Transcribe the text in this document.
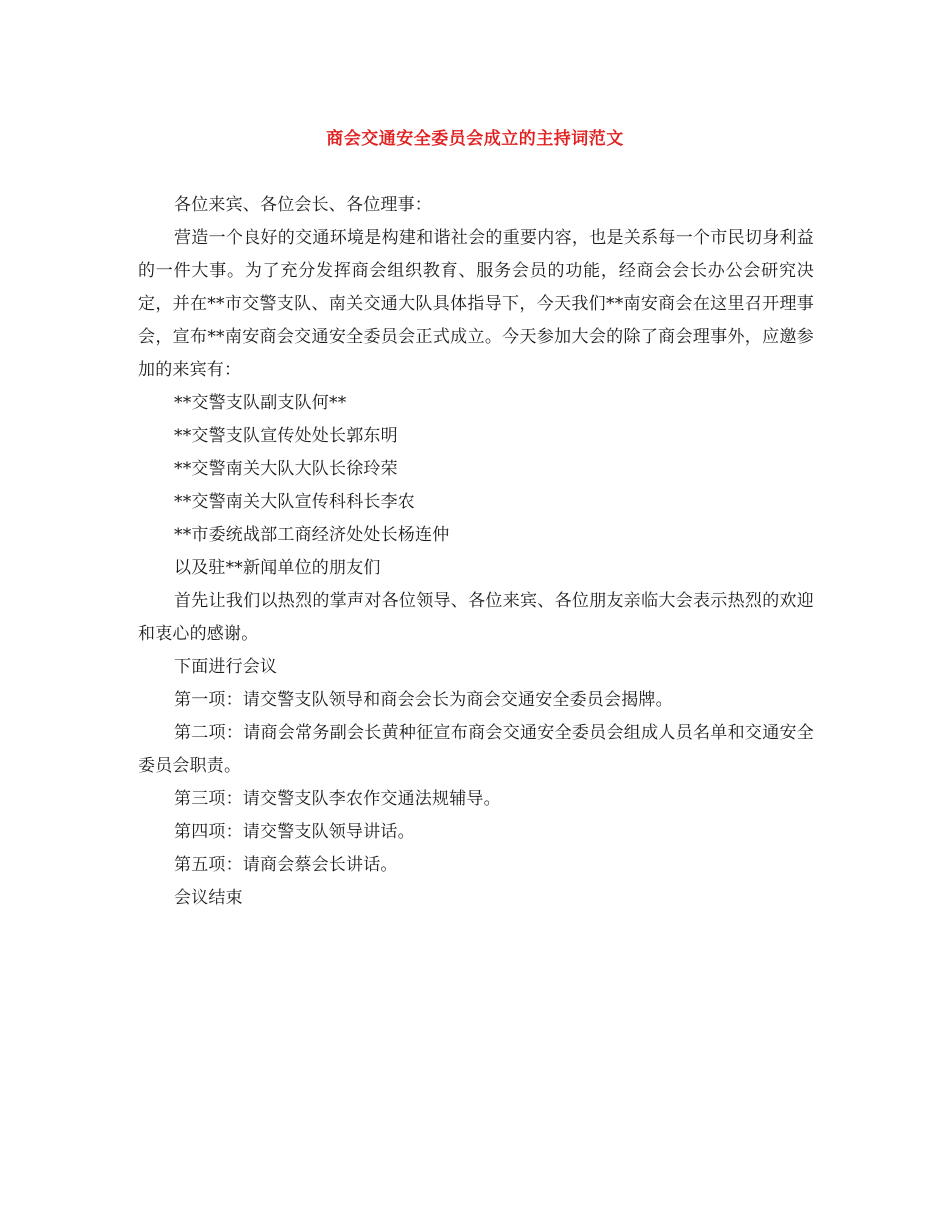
商会交通安全委员会成立的主持词范文

各位来宾、各位会长、各位理事：

营造一个良好的交通环境是构建和谐社会的重要内容，也是关系每一个市民切身利益的一件大事。为了充分发挥商会组织教育、服务会员的功能，经商会会长办公会研究决定，并在**市交警支队、南关交通大队具体指导下，今天我们**南安商会在这里召开理事会，宣布**南安商会交通安全委员会正式成立。今天参加大会的除了商会理事外，应邀参加的来宾有：

**交警支队副支队何**

**交警支队宣传处处长郭东明

**交警南关大队大队长徐玲荣

**交警南关大队宣传科科长李农

**市委统战部工商经济处处长杨连仲

以及驻**新闻单位的朋友们

首先让我们以热烈的掌声对各位领导、各位来宾、各位朋友亲临大会表示热烈的欢迎和衷心的感谢。

下面进行会议

第一项：请交警支队领导和商会会长为商会交通安全委员会揭牌。

第二项：请商会常务副会长黄种征宣布商会交通安全委员会组成人员名单和交通安全委员会职责。

第三项：请交警支队李农作交通法规辅导。

第四项：请交警支队领导讲话。

第五项：请商会蔡会长讲话。

会议结束
